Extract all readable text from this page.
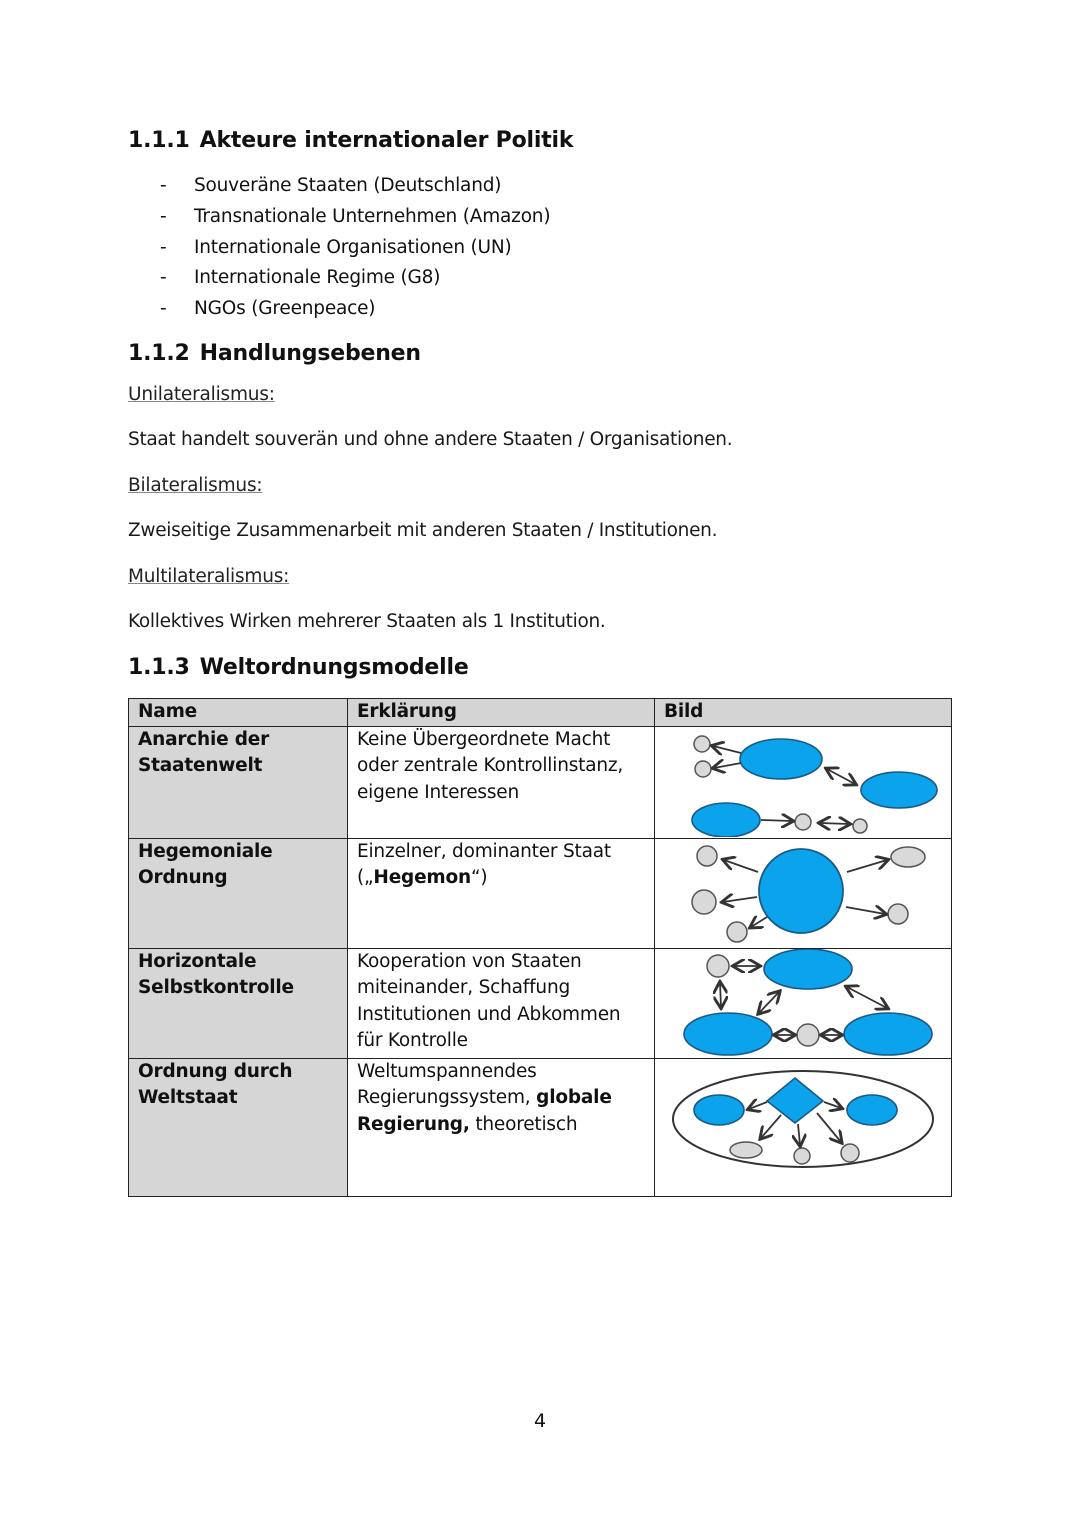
1.1.1 Akteure internationaler Politik
- Souveräne Staaten (Deutschland)
- Transnationale Unternehmen (Amazon)
- Internationale Organisationen (UN)
- Internationale Regime (G8)
- NGOs (Greenpeace)
1.1.2 Handlungsebenen
Unilateralismus:
Staat handelt souverän und ohne andere Staaten / Organisationen.
Bilateralismus:
Zweiseitige Zusammenarbeit mit anderen Staaten / Institutionen.
Multilateralismus:
Kollektives Wirken mehrerer Staaten als 1 Institution.
1.1.3 Weltordnungsmodelle
Name	Erklärung	Bild
Anarchie der
Staatenwelt	Keine Übergeordnete Macht
oder zentrale Kontrollinstanz,
eigene Interessen	

Hegemoniale
Ordnung	Einzelner, dominanter Staat
(„Hegemon“)	

Horizontale
Selbstkontrolle	Kooperation von Staaten
miteinander, Schaffung
Institutionen und Abkommen
für Kontrolle	

Ordnung durch
Weltstaat	Weltumspannendes
Regierungssystem, globale
Regierung, theoretisch	
4
